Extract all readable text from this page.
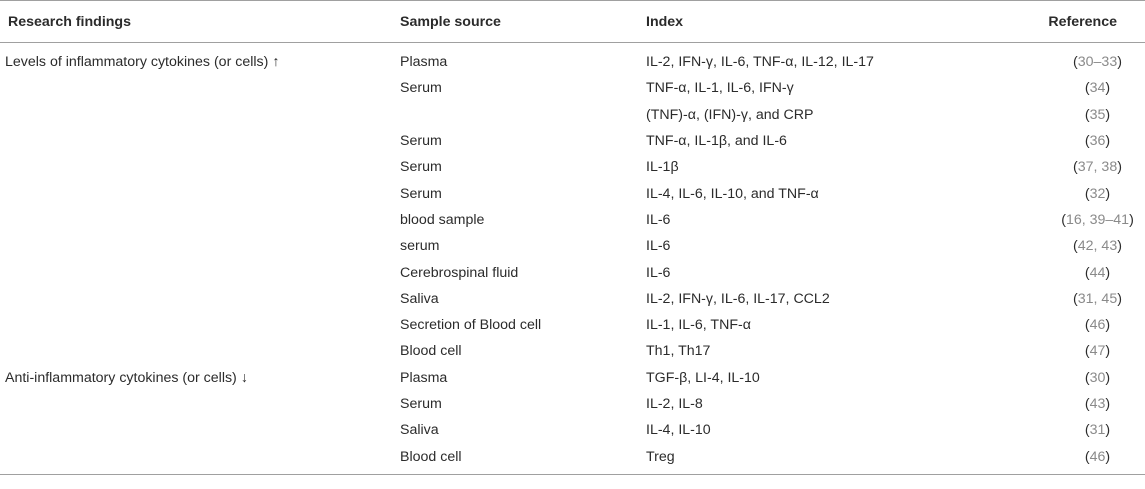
Research findings	Sample source	Index	Reference
Levels of inflammatory cytokines (or cells) ↑	Plasma	IL-2, IFN-γ, IL-6, TNF-α, IL-12, IL-17	(30–33)
	Serum	TNF-α, IL-1, IL-6, IFN-γ	(34)
		(TNF)-α, (IFN)-γ, and CRP	(35)
	Serum	TNF-α, IL-1β, and IL-6	(36)
	Serum	IL-1β	(37, 38)
	Serum	IL-4, IL-6, IL-10, and TNF-α	(32)
	blood sample	IL-6	(16, 39–41)
	serum	IL-6	(42, 43)
	Cerebrospinal fluid	IL-6	(44)
	Saliva	IL-2, IFN-γ, IL-6, IL-17, CCL2	(31, 45)
	Secretion of Blood cell	IL-1, IL-6, TNF-α	(46)
	Blood cell	Th1, Th17	(47)
Anti-inflammatory cytokines (or cells) ↓	Plasma	TGF-β, LI-4, IL-10	(30)
	Serum	IL-2, IL-8	(43)
	Saliva	IL-4, IL-10	(31)
	Blood cell	Treg	(46)
